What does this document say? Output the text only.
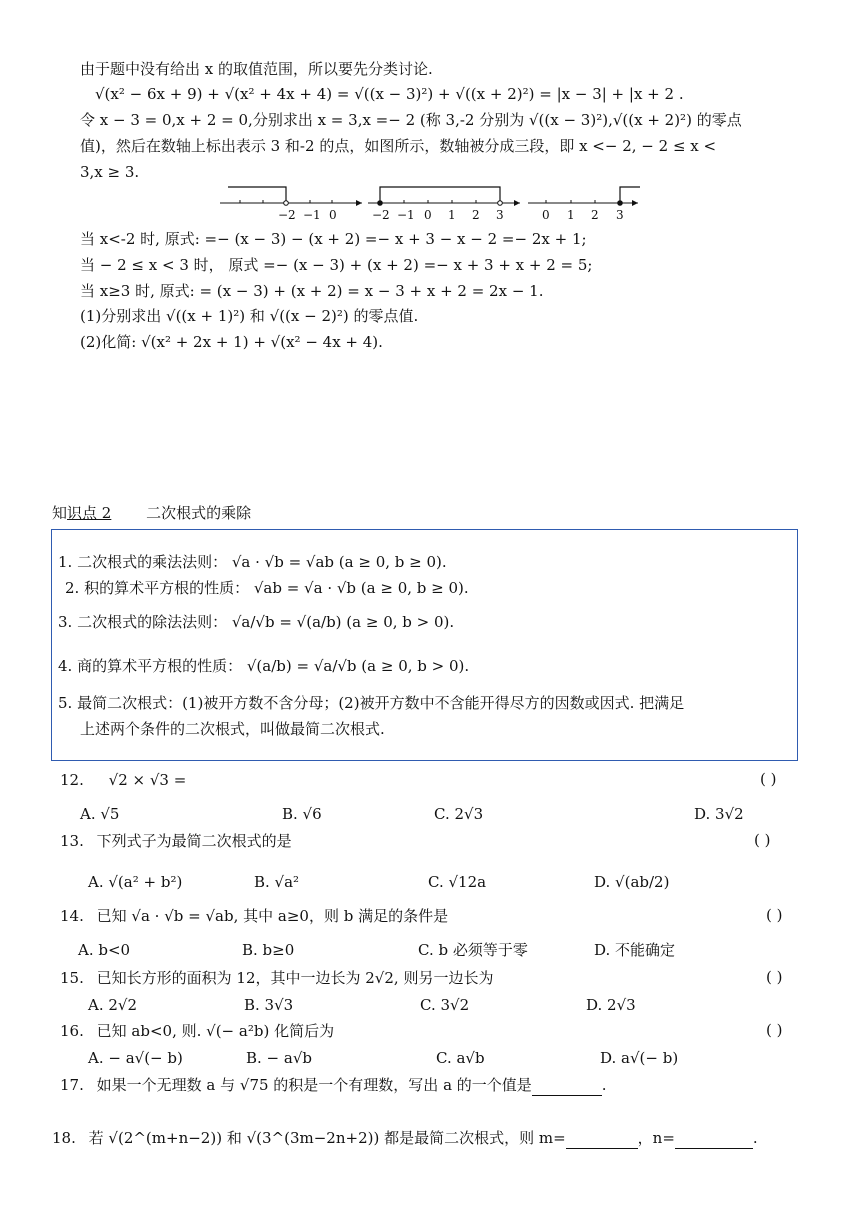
由于题中没有给出 x 的取值范围，所以要先分类讨论.
√(x² − 6x + 9) + √(x² + 4x + 4) = √((x − 3)²) + √((x + 2)²) = |x − 3| + |x + 2 .
令 x − 3 = 0,x + 2 = 0,分别求出 x = 3,x =− 2 (称 3,-2 分别为 √((x − 3)²),√((x + 2)²) 的零点
值)，然后在数轴上标出表示 3 和-2 的点，如图所示，数轴被分成三段，即 x <− 2, − 2 ≤ x <
3,x ≥ 3.
−2 −1 0	−2 −1 0 1 2 3	0 1 2 3
当 x<-2 时, 原式: =− (x − 3) − (x + 2) =− x + 3 − x − 2 =− 2x + 1;
当 − 2 ≤ x < 3 时， 原式 =− (x − 3) + (x + 2) =− x + 3 + x + 2 = 5;
当 x≥3 时, 原式: = (x − 3) + (x + 2) = x − 3 + x + 2 = 2x − 1.
(1)分别求出 √((x + 1)²) 和 √((x − 2)²) 的零点值.
(2)化简: √(x² + 2x + 1) + √(x² − 4x + 4).
知识点 2 二次根式的乘除
1. 二次根式的乘法法则： √a · √b = √ab (a ≥ 0, b ≥ 0).
2. 积的算术平方根的性质： √ab = √a · √b (a ≥ 0, b ≥ 0).
3. 二次根式的除法法则： √a/√b = √(a/b) (a ≥ 0, b > 0).
4. 商的算术平方根的性质： √(a/b) = √a/√b (a ≥ 0, b > 0).
5. 最简二次根式：(1)被开方数不含分母；(2)被开方数中不含能开得尽方的因数或因式. 把满足
上述两个条件的二次根式，叫做最简二次根式.
12. √2 × √3 =	( )
A. √5	B. √6	C. 2√3	D. 3√2
13. 下列式子为最简二次根式的是	( )
A. √(a² + b²)	B. √a²	C. √12a	D. √(ab/2)
14. 已知 √a · √b = √ab, 其中 a≥0，则 b 满足的条件是	( )
A. b<0	B. b≥0	C. b 必须等于零	D. 不能确定
15. 已知长方形的面积为 12，其中一边长为 2√2, 则另一边长为	( )
A. 2√2	B. 3√3	C. 3√2	D. 2√3
16. 已知 ab<0, 则. √(− a²b) 化简后为	( )
A. − a√(− b)	B. − a√b	C. a√b	D. a√(− b)
17. 如果一个无理数 a 与 √75 的积是一个有理数，写出 a 的一个值是	.
18. 若 √(2^(m+n−2)) 和 √(3^(3m−2n+2)) 都是最简二次根式，则 m=	，n=	.
